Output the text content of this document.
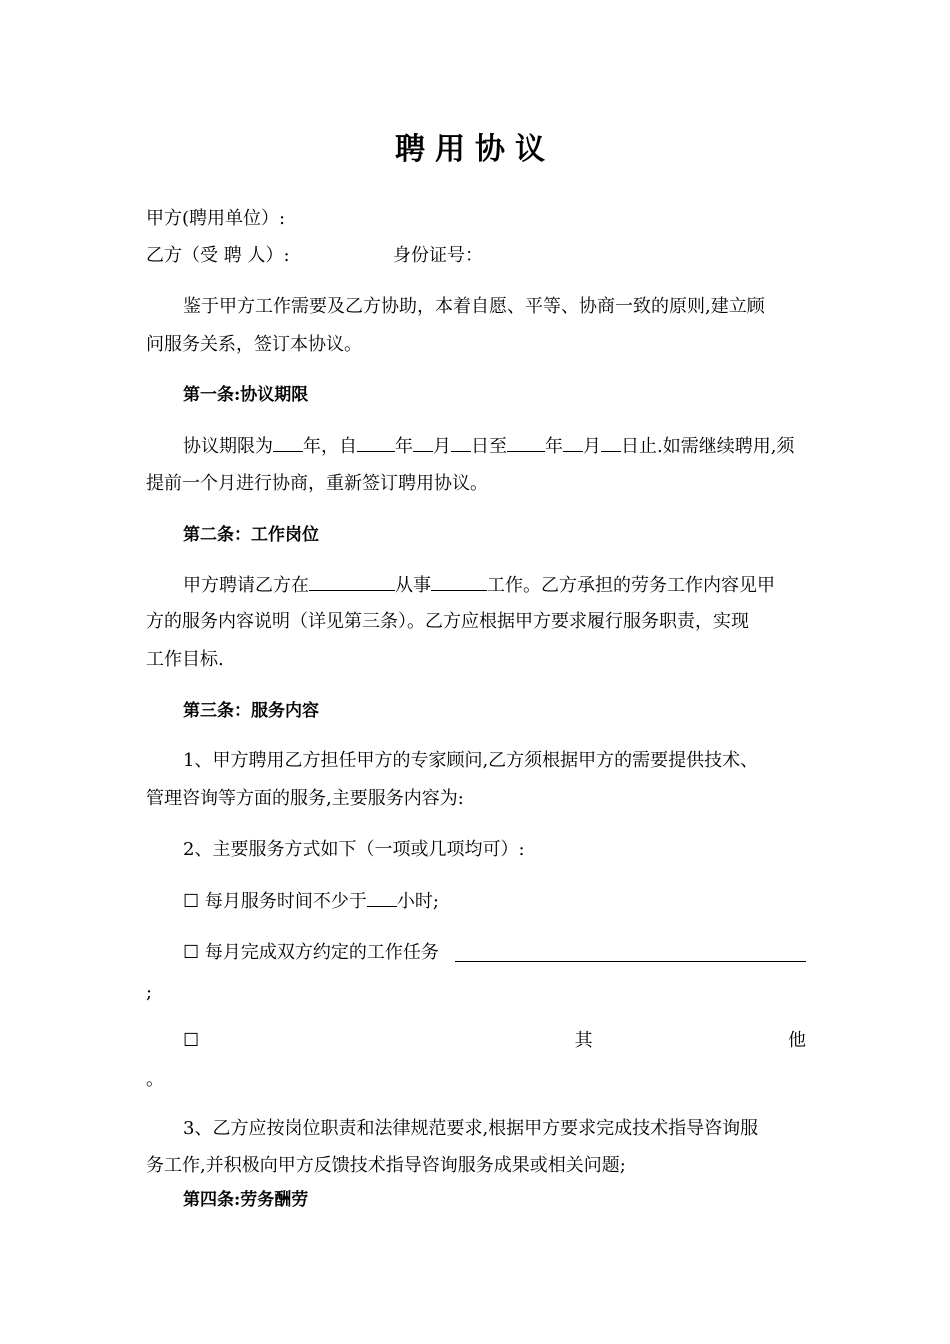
聘用协议
甲方(聘用单位）:
乙方（受 聘 人）:	身份证号：
鉴于甲方工作需要及乙方协助，本着自愿、平等、协商一致的原则,建立顾
问服务关系，签订本协议。
第一条:协议期限
协议期限为 年，自 年 月 日至 年 月 日止.如需继续聘用,须
提前一个月进行协商，重新签订聘用协议。
第二条：工作岗位
甲方聘请乙方在	从事	工作。乙方承担的劳务工作内容见甲
方的服务内容说明（详见第三条）。乙方应根据甲方要求履行服务职责，实现
工作目标.
第三条：服务内容
1、甲方聘用乙方担任甲方的专家顾问,乙方须根据甲方的需要提供技术、
管理咨询等方面的服务,主要服务内容为:
2、主要服务方式如下（一项或几项均可）:
☐ 每月服务时间不少于 小时;
☐ 每月完成双方约定的工作任务
;
☐	其	他
。
3、乙方应按岗位职责和法律规范要求,根据甲方要求完成技术指导咨询服
务工作,并积极向甲方反馈技术指导咨询服务成果或相关问题;
第四条:劳务酬劳
